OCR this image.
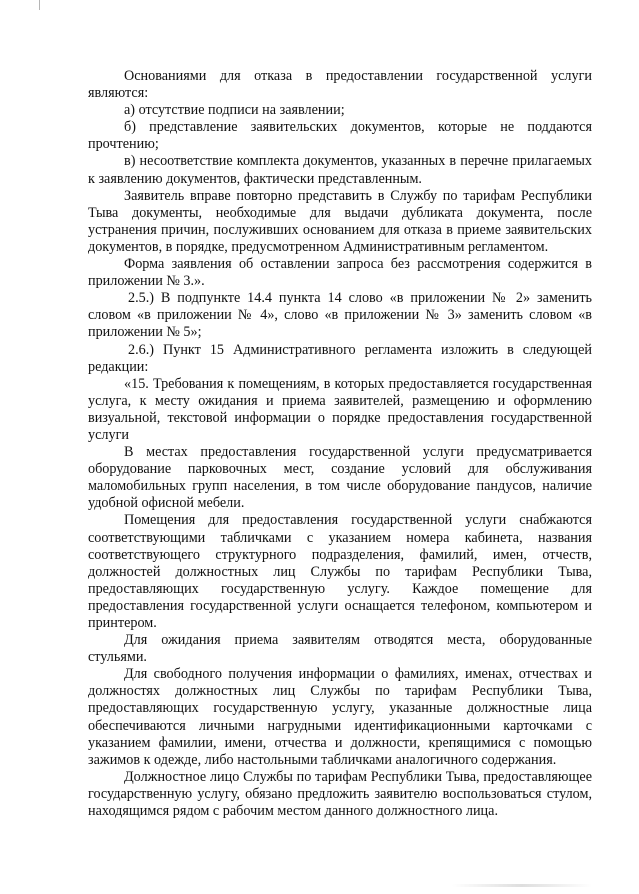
Основаниями для отказа в предоставлении государственной услуги являются:

а) отсутствие подписи на заявлении;

б) представление заявительских документов, которые не поддаются прочтению;

в) несоответствие комплекта документов, указанных в перечне прилагаемых к заявлению документов, фактически представленным.

Заявитель вправе повторно представить в Службу по тарифам Республики Тыва документы, необходимые для выдачи дубликата документа, после устранения причин, послуживших основанием для отказа в приеме заявительских документов, в порядке, предусмотренном Административным регламентом.

Форма заявления об оставлении запроса без рассмотрения содержится в приложении № 3.».

2.5.) В подпункте 14.4 пункта 14 слово «в приложении № 2» заменить словом «в приложении № 4», слово «в приложении № 3» заменить словом «в приложении № 5»;

2.6.) Пункт 15 Административного регламента изложить в следующей редакции:

«15. Требования к помещениям, в которых предоставляется государственная услуга, к месту ожидания и приема заявителей, размещению и оформлению визуальной, текстовой информации о порядке предоставления государственной услуги

В местах предоставления государственной услуги предусматривается оборудование парковочных мест, создание условий для обслуживания маломобильных групп населения, в том числе оборудование пандусов, наличие удобной офисной мебели.

Помещения для предоставления государственной услуги снабжаются соответствующими табличками с указанием номера кабинета, названия соответствующего структурного подразделения, фамилий, имен, отчеств, должностей должностных лиц Службы по тарифам Республики Тыва, предоставляющих государственную услугу. Каждое помещение для предоставления государственной услуги оснащается телефоном, компьютером и принтером.

Для ожидания приема заявителям отводятся места, оборудованные стульями.

Для свободного получения информации о фамилиях, именах, отчествах и должностях должностных лиц Службы по тарифам Республики Тыва, предоставляющих государственную услугу, указанные должностные лица обеспечиваются личными нагрудными идентификационными карточками с указанием фамилии, имени, отчества и должности, крепящимися с помощью зажимов к одежде, либо настольными табличками аналогичного содержания.

Должностное лицо Службы по тарифам Республики Тыва, предоставляющее государственную услугу, обязано предложить заявителю воспользоваться стулом, находящимся рядом с рабочим местом данного должностного лица.
